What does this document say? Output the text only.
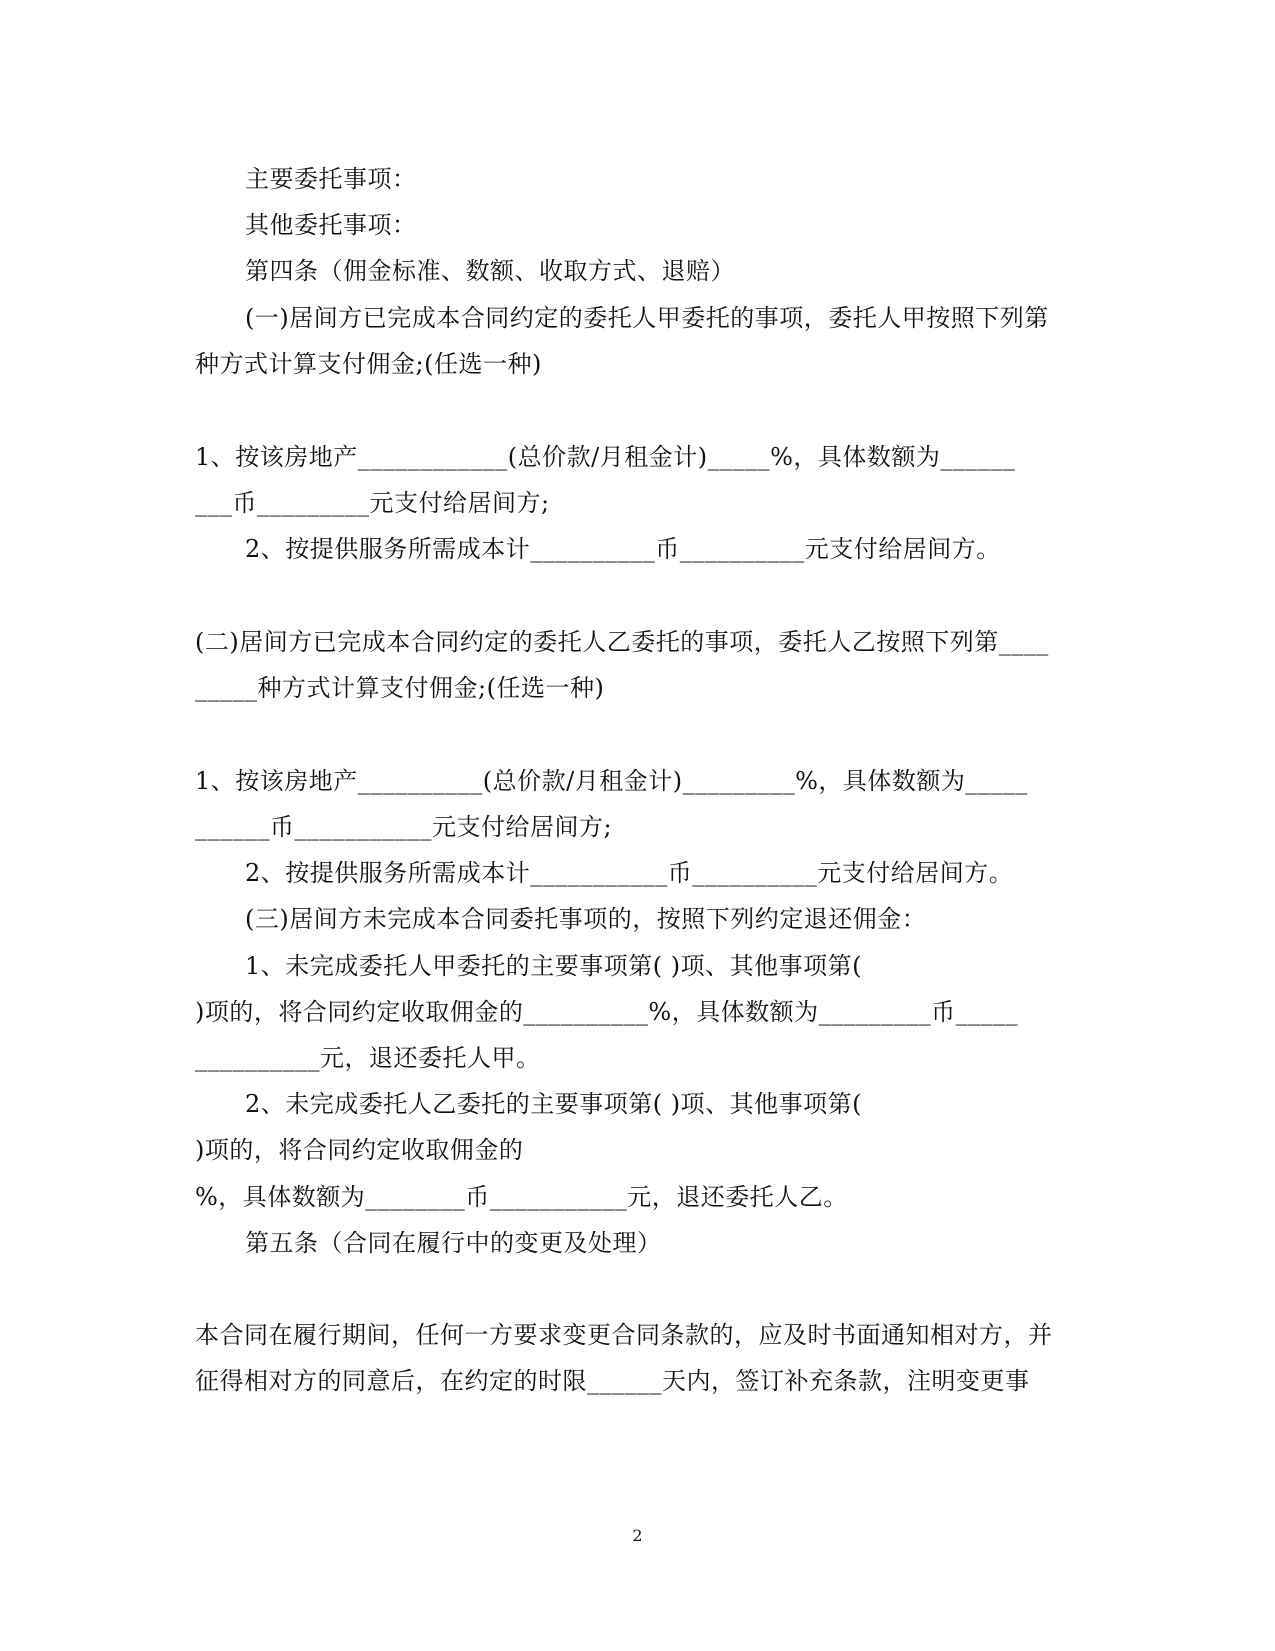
主要委托事项：
其他委托事项：
第四条（佣金标准、数额、收取方式、退赔）
(一)居间方已完成本合同约定的委托人甲委托的事项，委托人甲按照下列第
种方式计算支付佣金;(任选一种)
1、按该房地产____________(总价款/月租金计)_____%，具体数额为______
___币_________元支付给居间方;
2、按提供服务所需成本计__________币__________元支付给居间方。
(二)居间方已完成本合同约定的委托人乙委托的事项，委托人乙按照下列第____
_____种方式计算支付佣金;(任选一种)
1、按该房地产__________(总价款/月租金计)_________%，具体数额为_____
______币___________元支付给居间方;
2、按提供服务所需成本计___________币__________元支付给居间方。
(三)居间方未完成本合同委托事项的，按照下列约定退还佣金：
1、未完成委托人甲委托的主要事项第( )项、其他事项第(
)项的，将合同约定收取佣金的__________%，具体数额为_________币_____
__________元，退还委托人甲。
2、未完成委托人乙委托的主要事项第( )项、其他事项第(
)项的，将合同约定收取佣金的
%，具体数额为________币___________元，退还委托人乙。
第五条（合同在履行中的变更及处理）
本合同在履行期间，任何一方要求变更合同条款的，应及时书面通知相对方，并
征得相对方的同意后，在约定的时限______天内，签订补充条款，注明变更事
2
